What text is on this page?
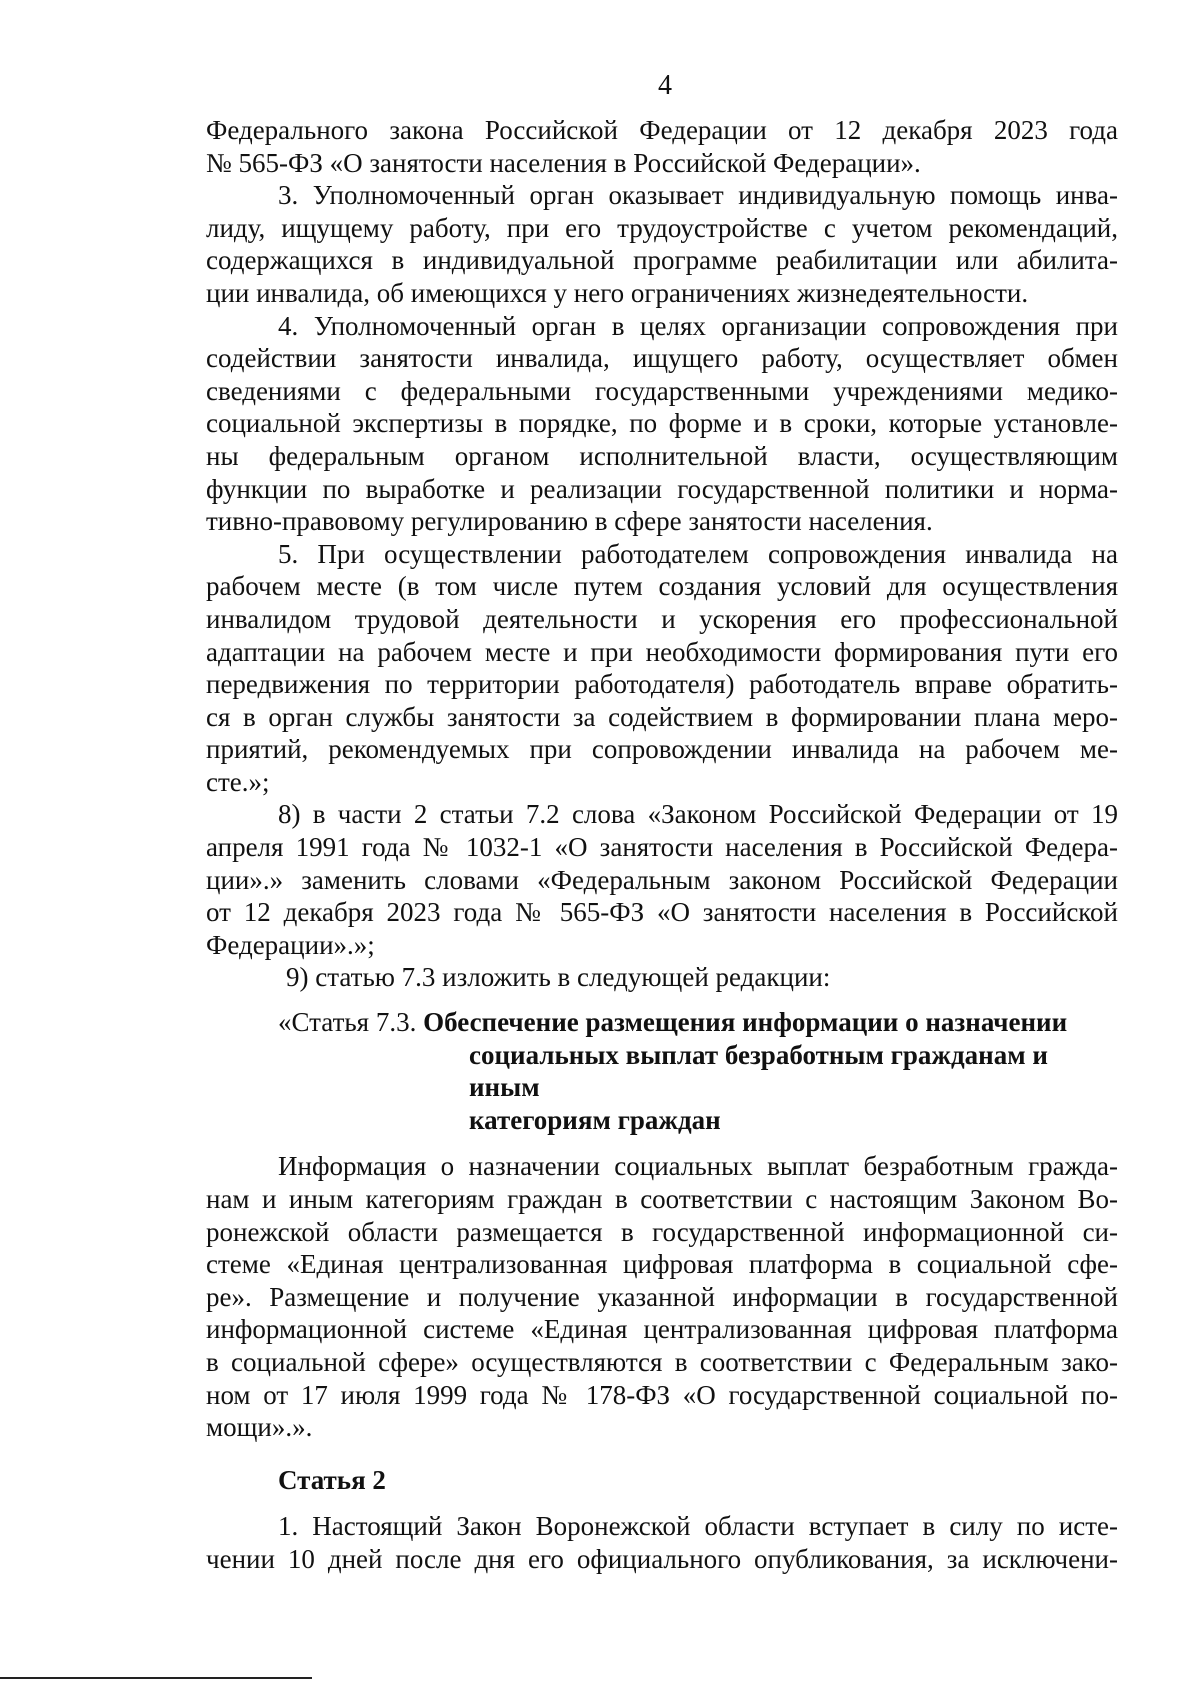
4
Федерального закона Российской Федерации от 12 декабря 2023 года
№ 565-ФЗ «О занятости населения в Российской Федерации».
3. Уполномоченный орган оказывает индивидуальную помощь инва-
лиду, ищущему работу, при его трудоустройстве с учетом рекомендаций,
содержащихся в индивидуальной программе реабилитации или абилита-
ции инвалида, об имеющихся у него ограничениях жизнедеятельности.
4. Уполномоченный орган в целях организации сопровождения при
содействии занятости инвалида, ищущего работу, осуществляет обмен
сведениями с федеральными государственными учреждениями медико-
социальной экспертизы в порядке, по форме и в сроки, которые установле-
ны федеральным органом исполнительной власти, осуществляющим
функции по выработке и реализации государственной политики и норма-
тивно-правовому регулированию в сфере занятости населения.
5. При осуществлении работодателем сопровождения инвалида на
рабочем месте (в том числе путем создания условий для осуществления
инвалидом трудовой деятельности и ускорения его профессиональной
адаптации на рабочем месте и при необходимости формирования пути его
передвижения по территории работодателя) работодатель вправе обратить-
ся в орган службы занятости за содействием в формировании плана меро-
приятий, рекомендуемых при сопровождении инвалида на рабочем ме-
сте.»;
8) в части 2 статьи 7.2 слова «Законом Российской Федерации от 19
апреля 1991 года № 1032-1 «О занятости населения в Российской Федера-
ции».» заменить словами «Федеральным законом Российской Федерации
от 12 декабря 2023 года № 565-ФЗ «О занятости населения в Российской
Федерации».»;
9) статью 7.3 изложить в следующей редакции:
«Статья 7.3. Обеспечение размещения информации о назначении
социальных выплат безработным гражданам и иным
категориям граждан
Информация о назначении социальных выплат безработным гражда-
нам и иным категориям граждан в соответствии с настоящим Законом Во-
ронежской области размещается в государственной информационной си-
стеме «Единая централизованная цифровая платформа в социальной сфе-
ре». Размещение и получение указанной информации в государственной
информационной системе «Единая централизованная цифровая платформа
в социальной сфере» осуществляются в соответствии с Федеральным зако-
ном от 17 июля 1999 года № 178-ФЗ «О государственной социальной по-
мощи».».
Статья 2
1. Настоящий Закон Воронежской области вступает в силу по исте-
чении 10 дней после дня его официального опубликования, за исключени-
